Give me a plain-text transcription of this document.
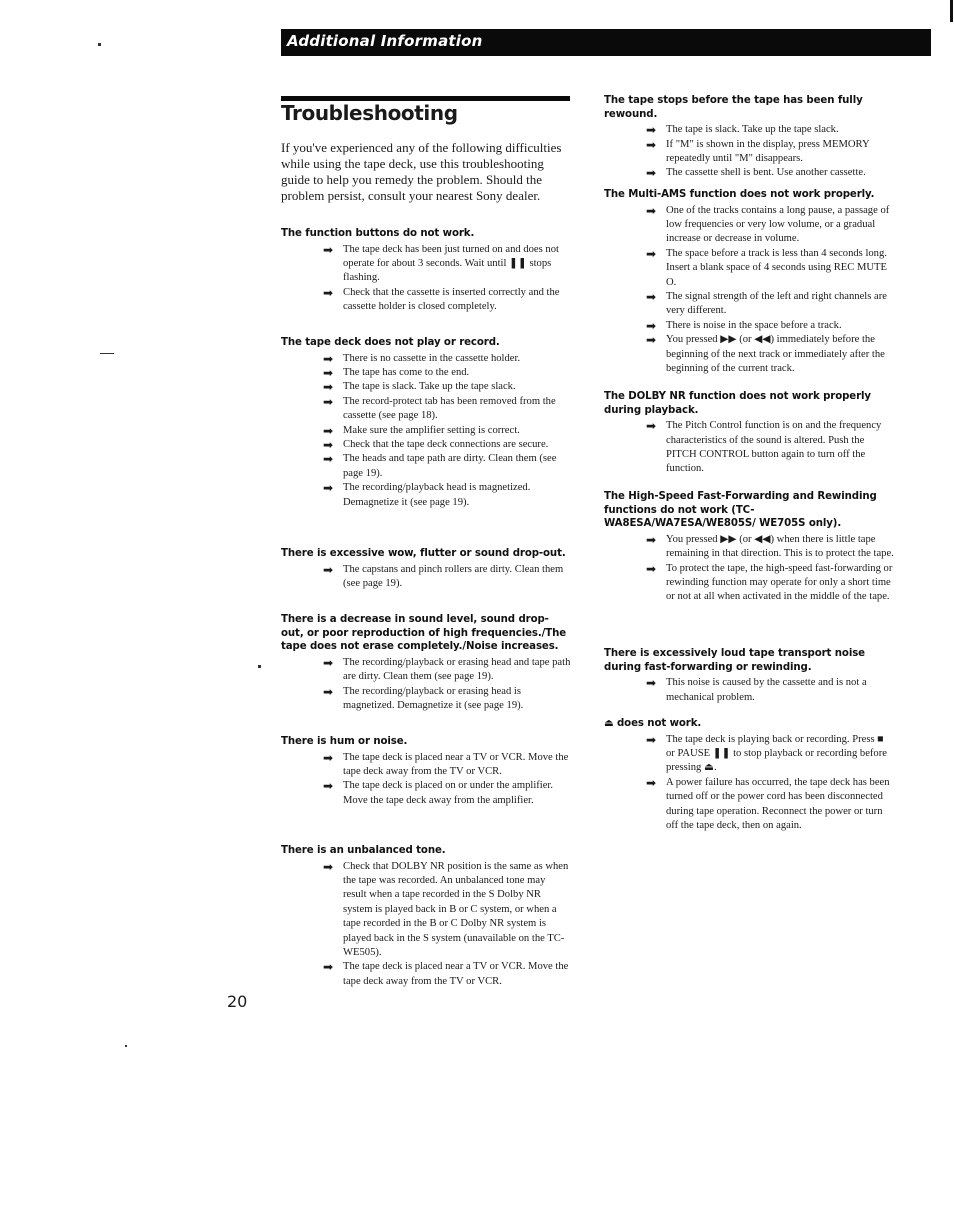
Additional Information
Troubleshooting
If you've experienced any of the following difficulties while using the tape deck, use this troubleshooting guide to help you remedy the problem. Should the problem persist, consult your nearest Sony dealer.
The function buttons do not work.
➡ The tape deck has been just turned on and does not operate for about 3 seconds. Wait until ❚❚ stops flashing.
➡ Check that the cassette is inserted correctly and the cassette holder is closed completely.
The tape deck does not play or record.
➡ There is no cassette in the cassette holder.
➡ The tape has come to the end.
➡ The tape is slack. Take up the tape slack.
➡ The record-protect tab has been removed from the cassette (see page 18).
➡ Make sure the amplifier setting is correct.
➡ Check that the tape deck connections are secure.
➡ The heads and tape path are dirty. Clean them (see page 19).
➡ The recording/playback head is magnetized. Demagnetize it (see page 19).
There is excessive wow, flutter or sound drop-out.
➡ The capstans and pinch rollers are dirty. Clean them (see page 19).
There is a decrease in sound level, sound drop-out, or poor reproduction of high frequencies./The tape does not erase completely./Noise increases.
➡ The recording/playback or erasing head and tape path are dirty. Clean them (see page 19).
➡ The recording/playback or erasing head is magnetized. Demagnetize it (see page 19).
There is hum or noise.
➡ The tape deck is placed near a TV or VCR. Move the tape deck away from the TV or VCR.
➡ The tape deck is placed on or under the amplifier. Move the tape deck away from the amplifier.
There is an unbalanced tone.
➡ Check that DOLBY NR position is the same as when the tape was recorded. An unbalanced tone may result when a tape recorded in the S Dolby NR system is played back in B or C system, or when a tape recorded in the B or C Dolby NR system is played back in the S system (unavailable on the TC-WE505).
➡ The tape deck is placed near a TV or VCR. Move the tape deck away from the TV or VCR.
The tape stops before the tape has been fully rewound.
➡ The tape is slack. Take up the tape slack.
➡ If "M" is shown in the display, press MEMORY repeatedly until "M" disappears.
➡ The cassette shell is bent. Use another cassette.
The Multi-AMS function does not work properly.
➡ One of the tracks contains a long pause, a passage of low frequencies or very low volume, or a gradual increase or decrease in volume.
➡ The space before a track is less than 4 seconds long. Insert a blank space of 4 seconds using REC MUTE O.
➡ The signal strength of the left and right channels are very different.
➡ There is noise in the space before a track.
➡ You pressed ▶▶ (or ◀◀) immediately before the beginning of the next track or immediately after the beginning of the current track.
The DOLBY NR function does not work properly during playback.
➡ The Pitch Control function is on and the frequency characteristics of the sound is altered. Push the PITCH CONTROL button again to turn off the function.
The High-Speed Fast-Forwarding and Rewinding functions do not work (TC-WA8ESA/WA7ESA/WE805S/ WE705S only).
➡ You pressed ▶▶ (or ◀◀) when there is little tape remaining in that direction. This is to protect the tape.
➡ To protect the tape, the high-speed fast-forwarding or rewinding function may operate for only a short time or not at all when activated in the middle of the tape.
There is excessively loud tape transport noise during fast-forwarding or rewinding.
➡ This noise is caused by the cassette and is not a mechanical problem.
⏏ does not work.
➡ The tape deck is playing back or recording. Press ■ or PAUSE ❚❚ to stop playback or recording before pressing ⏏.
➡ A power failure has occurred, the tape deck has been turned off or the power cord has been disconnected during tape operation. Reconnect the power or turn off the tape deck, then on again.
20
